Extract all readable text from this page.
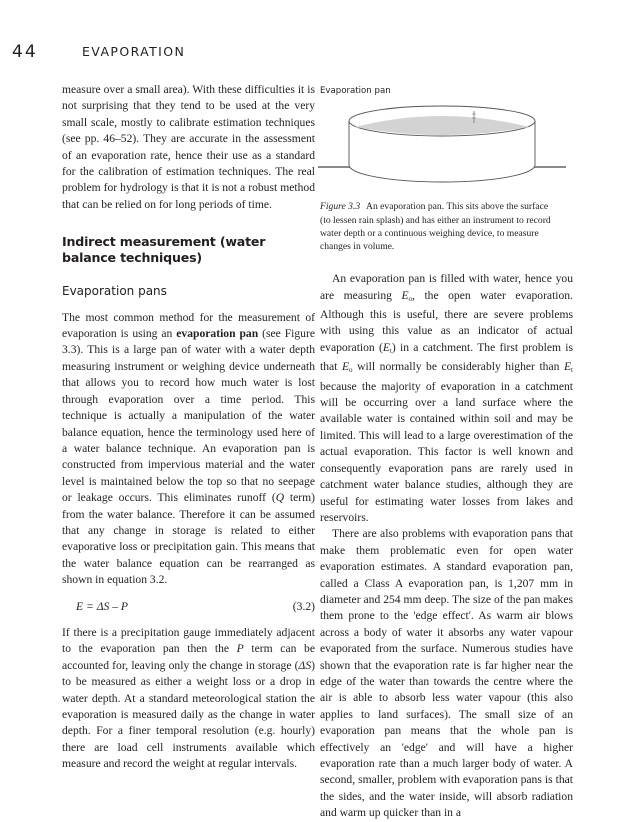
44	EVAPORATION

measure over a small area). With these difficulties it is not surprising that they tend to be used at the very small scale, mostly to calibrate estimation techniques (see pp. 46–52). They are accurate in the assessment of an evaporation rate, hence their use as a standard for the calibration of estimation techniques. The real problem for hydrology is that it is not a robust method that can be relied on for long periods of time.

Indirect measurement (water balance techniques)
Evaporation pans

The most common method for the measurement of evaporation is using an evaporation pan (see Figure 3.3). This is a large pan of water with a water depth measuring instrument or weighing device underneath that allows you to record how much water is lost through evaporation over a time period. This technique is actually a manipulation of the water balance equation, hence the terminology used here of a water balance technique. An evaporation pan is constructed from impervious material and the water level is maintained below the top so that no seepage or leakage occurs. This eliminates runoff (Q term) from the water balance. Therefore it can be assumed that any change in storage is related to either evaporative loss or precipitation gain. This means that the water balance equation can be rearranged as shown in equation 3.2.

E = ΔS – P	(3.2)

If there is a precipitation gauge immediately adjacent to the evaporation pan then the P term can be accounted for, leaving only the change in storage (ΔS) to be measured as either a weight loss or a drop in water depth. At a standard meteorological station the evaporation is measured daily as the change in water depth. For a finer temporal resolution (e.g. hourly) there are load cell instruments available which measure and record the weight at regular intervals.

Evaporation pan
Figure 3.3 An evaporation pan. This sits above the surface (to lessen rain splash) and has either an instrument to record water depth or a continuous weighing device, to measure changes in volume.

An evaporation pan is filled with water, hence you are measuring $E_o$, the open water evaporation. Although this is useful, there are severe problems with using this value as an indicator of actual evaporation $(E_t)$ in a catchment. The first problem is that $E_o$ will normally be considerably higher than $E_t$ because the majority of evaporation in a catchment will be occurring over a land surface where the available water is contained within soil and may be limited. This will lead to a large overestimation of the actual evaporation. This factor is well known and consequently evaporation pans are rarely used in catchment water balance studies, although they are useful for estimating water losses from lakes and reservoirs.

There are also problems with evaporation pans that make them problematic even for open water evaporation estimates. A standard evaporation pan, called a Class A evaporation pan, is 1,207 mm in diameter and 254 mm deep. The size of the pan makes them prone to the 'edge effect'. As warm air blows across a body of water it absorbs any water vapour evaporated from the surface. Numerous studies have shown that the evaporation rate is far higher near the edge of the water than towards the centre where the air is able to absorb less water vapour (this also applies to land surfaces). The small size of an evaporation pan means that the whole pan is effectively an 'edge' and will have a higher evaporation rate than a much larger body of water. A second, smaller, problem with evaporation pans is that the sides, and the water inside, will absorb radiation and warm up quicker than in a
